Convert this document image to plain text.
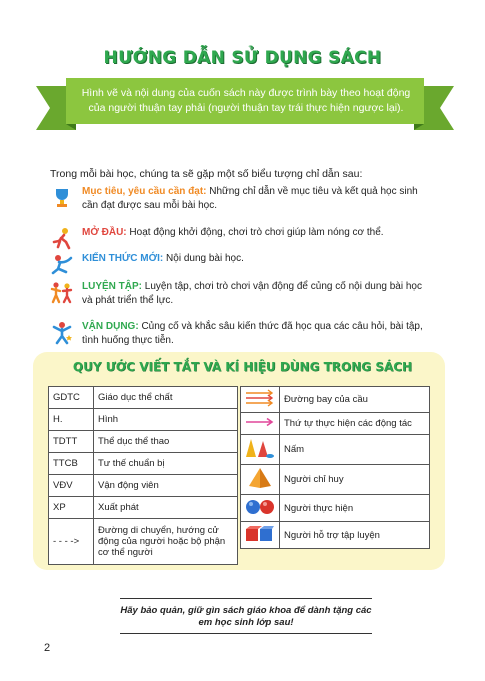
HƯỚNG DẪN SỬ DỤNG SÁCH
Hình vẽ và nội dung của cuốn sách này được trình bày theo hoạt động của người thuận tay phải (người thuận tay trái thực hiện ngược lại).
Trong mỗi bài học, chúng ta sẽ gặp một số biểu tượng chỉ dẫn sau:
Mục tiêu, yêu cầu cần đạt: Những chỉ dẫn về mục tiêu và kết quả học sinh cần đạt được sau mỗi bài học.
MỞ ĐẦU: Hoạt động khởi động, chơi trò chơi giúp làm nóng cơ thể.
KIẾN THỨC MỚI: Nội dung bài học.
LUYỆN TẬP: Luyện tập, chơi trò chơi vận động để củng cố nội dung bài học và phát triển thể lực.
VẬN DỤNG: Củng cố và khắc sâu kiến thức đã học qua các câu hỏi, bài tập, tình huống thực tiễn.
QUY ƯỚC VIẾT TẮT VÀ KÍ HIỆU DÙNG TRONG SÁCH
GDTC	Giáo dục thể chất
H.	Hình
TDTT	Thể dục thể thao
TTCB	Tư thế chuẩn bị
VĐV	Vận động viên
XP	Xuất phát
- - - ->	Đường di chuyển, hướng cử động của người hoặc bộ phận cơ thể người
	Đường bay của cầu
	Thứ tự thực hiện các động tác
	Nấm
	Người chỉ huy
	Người thực hiện
	Người hỗ trợ tập luyện
Hãy bảo quản, giữ gìn sách giáo khoa để dành tặng các em học sinh lớp sau!
2
